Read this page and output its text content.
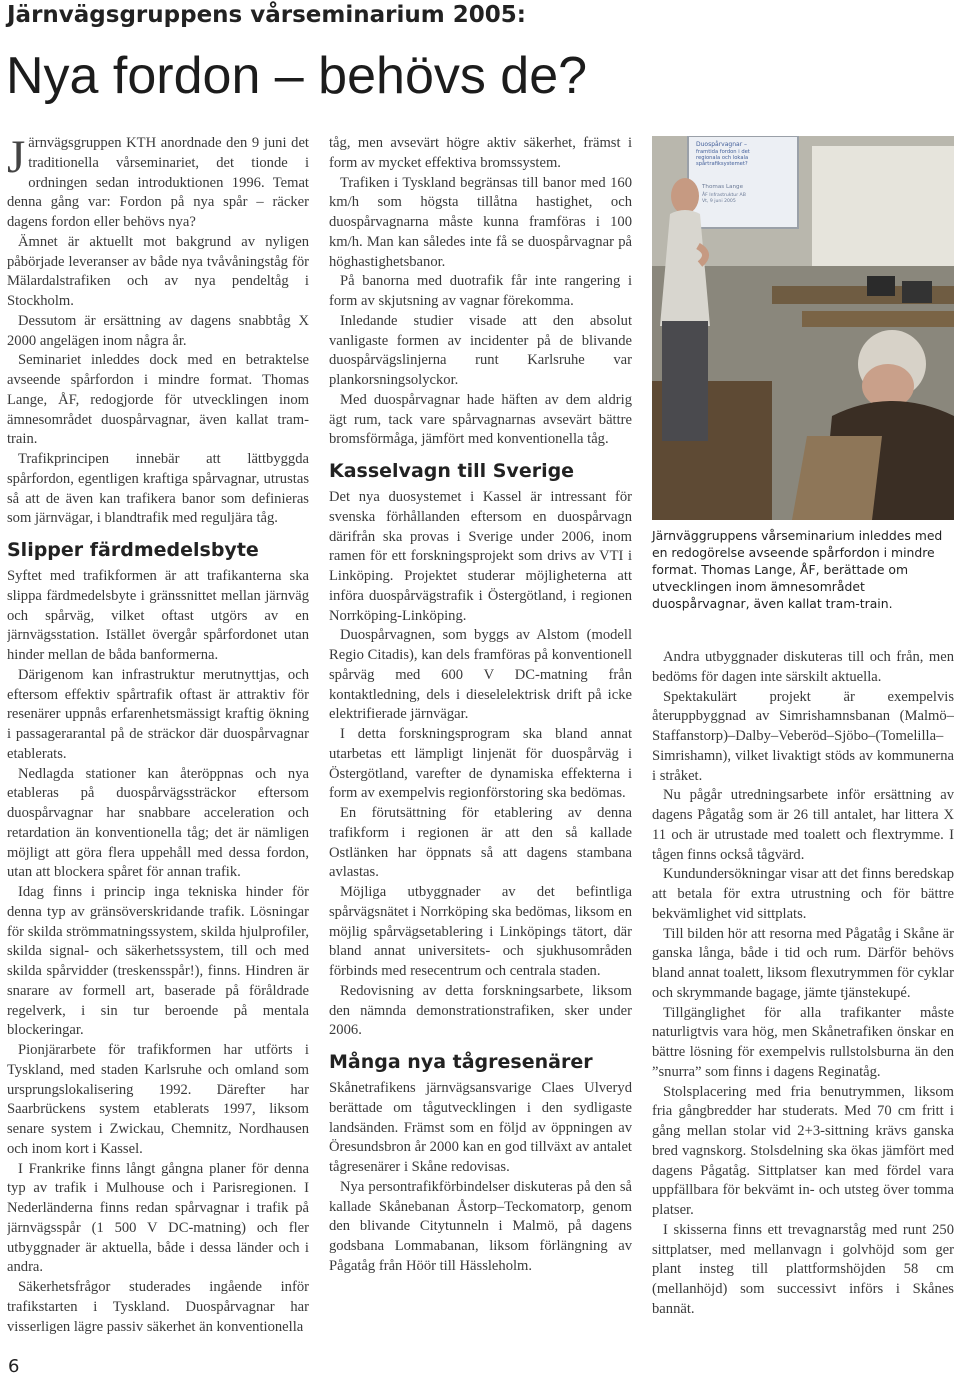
Järnvägsgruppens vårseminarium 2005:
Nya fordon – behövs de?

Järnvägsgruppen KTH anordnade den 9 juni det traditionella vårseminariet, det tionde i ordningen sedan introduktionen 1996. Temat denna gång var: Fordon på nya spår – räcker dagens fordon eller behövs nya?

Ämnet är aktuellt mot bakgrund av nyligen påbörjade leveranser av både nya tvåvåningståg för Mälardalstrafiken och av nya pendeltåg i Stockholm.

Dessutom är ersättning av dagens snabbtåg X 2000 angelägen inom några år.

Seminariet inleddes dock med en betraktelse avseende spårfordon i mindre format. Thomas Lange, ÅF, redogjorde för utvecklingen inom ämnesområdet duospårvagnar, även kallat tram-train.

Trafikprincipen innebär att lättbyggda spårfordon, egentligen kraftiga spårvagnar, utrustas så att de även kan trafikera banor som definieras som järnvägar, i blandtrafik med reguljära tåg.

Slipper färdmedelsbyte

Syftet med trafikformen är att trafikanterna ska slippa färdmedelsbyte i gränssnittet mellan järnväg och spårväg, vilket oftast utgörs av en järnvägsstation. Istället övergår spårfordonet utan hinder mellan de båda banformerna.

Därigenom kan infrastruktur merutnyttjas, och eftersom effektiv spårtrafik oftast är attraktiv för resenärer uppnås erfarenhetsmässigt kraftig ökning i passagerarantal på de sträckor där duospårvagnar etablerats.

Nedlagda stationer kan återöppnas och nya etableras på duospårvägssträckor eftersom duospårvagnar har snabbare acceleration och retardation än konventionella tåg; det är nämligen möjligt att göra flera uppehåll med dessa fordon, utan att blockera spåret för annan trafik.

Idag finns i princip inga tekniska hinder för denna typ av gränsöverskridande trafik. Lösningar för skilda strömmatningssystem, skilda hjulprofiler, skilda signal- och säkerhetssystem, till och med skilda spårvidder (treskensspår!), finns. Hindren är snarare av formell art, baserade på föråldrade regelverk, i sin tur beroende på mentala blockeringar.

Pionjärarbete för trafikformen har utförts i Tyskland, med staden Karlsruhe och omland som ursprungslokalisering 1992. Därefter har Saarbrückens system etablerats 1997, liksom senare system i Zwickau, Chemnitz, Nordhausen och inom kort i Kassel.

I Frankrike finns långt gångna planer för denna typ av trafik i Mulhouse och i Parisregionen. I Nederländerna finns redan spårvagnar i trafik på järnvägsspår (1 500 V DC-matning) och fler utbyggnader är aktuella, både i dessa länder och i andra.

Säkerhetsfrågor studerades ingående inför trafikstarten i Tyskland. Duospårvagnar har visserligen lägre passiv säkerhet än konventionella

tåg, men avsevärt högre aktiv säkerhet, främst i form av mycket effektiva bromssystem.

Trafiken i Tyskland begränsas till banor med 160 km/h som högsta tillåtna hastighet, och duospårvagnarna måste kunna framföras i 100 km/h. Man kan således inte få se duospårvagnar på höghastighetsbanor.

På banorna med duotrafik får inte rangering i form av skjutsning av vagnar förekomma.

Inledande studier visade att den absolut vanligaste formen av incidenter på de blivande duospårvägslinjerna runt Karlsruhe var plankorsningsolyckor.

Med duospårvagnar hade häften av dem aldrig ägt rum, tack vare spårvagnarnas avsevärt bättre bromsförmåga, jämfört med konventionella tåg.

Kasselvagn till Sverige

Det nya duosystemet i Kassel är intressant för svenska förhållanden eftersom en duospårvagn därifrån ska provas i Sverige under 2006, inom ramen för ett forskningsprojekt som drivs av VTI i Linköping. Projektet studerar möjligheterna att införa duospårvägstrafik i Östergötland, i regionen Norrköping-Linköping.

Duospårvagnen, som byggs av Alstom (modell Regio Citadis), kan dels framföras på konventionell spårväg med 600 V DC-matning från kontaktledning, dels i dieselelektrisk drift på icke elektrifierade järnvägar.

I detta forskningsprogram ska bland annat utarbetas ett lämpligt linjenät för duospårväg i Östergötland, varefter de dynamiska effekterna i form av exempelvis regionförstoring ska bedömas.

En förutsättning för etablering av denna trafikform i regionen är att den så kallade Ostlänken har öppnats så att dagens stambana avlastas.

Möjliga utbyggnader av det befintliga spårvägsnätet i Norrköping ska bedömas, liksom en möjlig spårvägsetablering i Linköpings tätort, där bland annat universitets- och sjukhusområden förbinds med resecentrum och centrala staden.

Redovisning av detta forskningsarbete, liksom den nämnda demonstrationstrafiken, sker under 2006.

Många nya tågresenärer

Skånetrafikens järnvägsansvarige Claes Ulveryd berättade om tågutvecklingen i den sydligaste landsänden. Främst som en följd av öppningen av Öresundsbron år 2000 kan en god tillväxt av antalet tågresenärer i Skåne redovisas.

Nya persontrafikförbindelser diskuteras på den så kallade Skånebanan Åstorp–Teckomatorp, genom den blivande Citytunneln i Malmö, på dagens godsbana Lommabanan, liksom förlängning av Pågatåg från Höör till Hässleholm.

Duospårvagnar –
framtida fordon i det
regionala och lokala
spårtrafiksystemet?
Thomas Lange
ÅF Infrastruktur AB
Vt, 9 juni 2005

Järnväggruppens vårseminarium inleddes med en redogörelse avseende spårfordon i mindre format. Thomas Lange, ÅF, berättade om utvecklingen inom ämnesområdet duospårvagnar, även kallat tram-train.

Andra utbyggnader diskuteras till och från, men bedöms för dagen inte särskilt aktuella.

Spektakulärt projekt är exempelvis återuppbyggnad av Simrishamnsbanan (Malmö–Staffanstorp)–Dalby–Veberöd–Sjöbo–(Tomelilla–Simrishamn), vilket livaktigt stöds av kommunerna i stråket.

Nu pågår utredningsarbete inför ersättning av dagens Pågatåg som är 26 till antalet, har littera X 11 och är utrustade med toalett och flextrymme. I tågen finns också tågvärd.

Kundundersökningar visar att det finns beredskap att betala för extra utrustning och för bättre bekvämlighet vid sittplats.

Till bilden hör att resorna med Pågatåg i Skåne är ganska långa, både i tid och rum. Därför behövs bland annat toalett, liksom flexutrymmen för cyklar och skrymmande bagage, jämte tjänstekupé.

Tillgänglighet för alla trafikanter måste naturligtvis vara hög, men Skånetrafiken önskar en bättre lösning för exempelvis rullstolsburna än den ”snurra” som finns i dagens Reginatåg.

Stolsplacering med fria benutrymmen, liksom fria gångbredder har studerats. Med 70 cm fritt i gång mellan stolar vid 2+3-sittning krävs ganska bred vagnskorg. Stolsdelning ska ökas jämfört med dagens Pågatåg. Sittplatser kan med fördel vara uppfällbara för bekvämt in- och utsteg över tomma platser.

I skisserna finns ett trevagnarståg med runt 250 sittplatser, med mellanvagn i golvhöjd som ger plant insteg till plattformshöjden 58 cm (mellanhöjd) som successivt införs i Skånes bannät.

6
